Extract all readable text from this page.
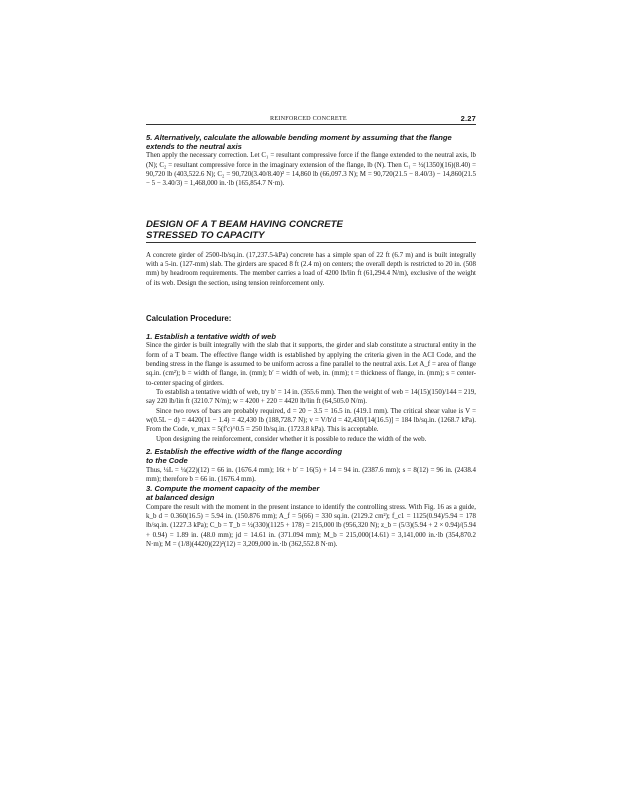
REINFORCED CONCRETE	2.27
5. Alternatively, calculate the allowable bending moment by assuming that the flange extends to the neutral axis

Then apply the necessary correction. Let C₁ = resultant compressive force if the flange extended to the neutral axis, lb (N); C₂ = resultant compressive force in the imaginary extension of the flange, lb (N). Then C₁ = ½(1350)(16)(8.40) = 90,720 lb (403,522.6 N); C₂ = 90,720(3.40/8.40)² = 14,860 lb (66,097.3 N); M = 90,720(21.5 − 8.40/3) − 14,860(21.5 − 5 − 3.40/3) = 1,468,000 in.·lb (165,854.7 N·m).

DESIGN OF A T BEAM HAVING CONCRETE
STRESSED TO CAPACITY

A concrete girder of 2500-lb/sq.in. (17,237.5-kPa) concrete has a simple span of 22 ft (6.7 m) and is built integrally with a 5-in. (127-mm) slab. The girders are spaced 8 ft (2.4 m) on centers; the overall depth is restricted to 20 in. (508 mm) by headroom requirements. The member carries a load of 4200 lb/lin ft (61,294.4 N/m), exclusive of the weight of its web. Design the section, using tension reinforcement only.

Calculation Procedure:
1. Establish a tentative width of web

Since the girder is built integrally with the slab that it supports, the girder and slab constitute a structural entity in the form of a T beam. The effective flange width is established by applying the criteria given in the ACI Code, and the bending stress in the flange is assumed to be uniform across a fine parallel to the neutral axis. Let A_f = area of flange sq.in. (cm²); b = width of flange, in. (mm); b′ = width of web, in. (mm); t = thickness of flange, in. (mm); s = center-to-center spacing of girders.

To establish a tentative width of web, try b′ = 14 in. (355.6 mm). Then the weight of web = 14(15)(150)/144 = 219, say 220 lb/lin ft (3210.7 N/m); w = 4200 + 220 = 4420 lb/lin ft (64,505.0 N/m).

Since two rows of bars are probably required, d = 20 − 3.5 = 16.5 in. (419.1 mm). The critical shear value is V = w(0.5L − d) = 4420(11 − 1.4) = 42,430 lb (188,728.7 N); v = V/b′d = 42,430/[14(16.5)] = 184 lb/sq.in. (1268.7 kPa). From the Code, v_max = 5(f′c)^0.5 = 250 lb/sq.in. (1723.8 kPa). This is acceptable.

Upon designing the reinforcement, consider whether it is possible to reduce the width of the web.

2. Establish the effective width of the flange according
to the Code

Thus, ¼L = ¼(22)(12) = 66 in. (1676.4 mm); 16t + b′ = 16(5) + 14 = 94 in. (2387.6 mm); s = 8(12) = 96 in. (2438.4 mm); therefore b = 66 in. (1676.4 mm).

3. Compute the moment capacity of the member
at balanced design

Compare the result with the moment in the present instance to identify the controlling stress. With Fig. 16 as a guide, k_b d = 0.360(16.5) = 5.94 in. (150.876 mm); A_f = 5(66) = 330 sq.in. (2129.2 cm²); f_c1 = 1125(0.94)/5.94 = 178 lb/sq.in. (1227.3 kPa); C_b = T_b = ½(330)(1125 + 178) = 215,000 lb (956,320 N); z_b = (5/3)(5.94 + 2 × 0.94)/(5.94 + 0.94) = 1.89 in. (48.0 mm); jd = 14.61 in. (371.094 mm); M_b = 215,000(14.61) = 3,141,000 in.·lb (354,870.2 N·m); M = (1/8)(4420)(22)²(12) = 3,209,000 in.·lb (362,552.8 N·m).
